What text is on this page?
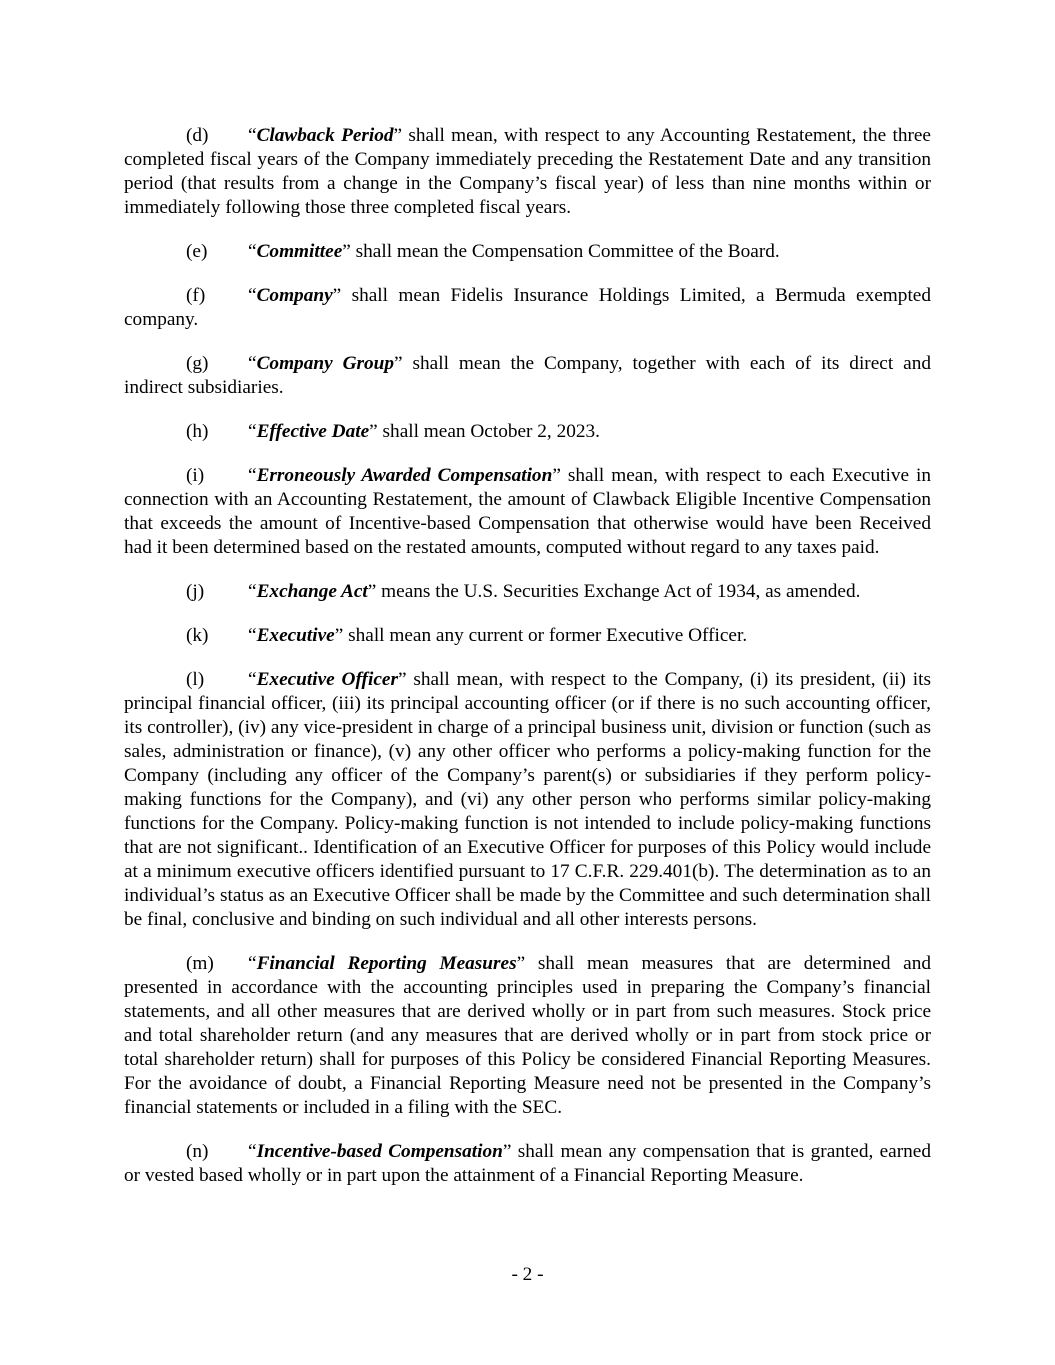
(d) “Clawback Period” shall mean, with respect to any Accounting Restatement, the three completed fiscal years of the Company immediately preceding the Restatement Date and any transition period (that results from a change in the Company’s fiscal year) of less than nine months within or immediately following those three completed fiscal years.

(e) “Committee” shall mean the Compensation Committee of the Board.

(f) “Company” shall mean Fidelis Insurance Holdings Limited, a Bermuda exempted company.

(g) “Company Group” shall mean the Company, together with each of its direct and indirect subsidiaries.

(h) “Effective Date” shall mean October 2, 2023.

(i) “Erroneously Awarded Compensation” shall mean, with respect to each Executive in connection with an Accounting Restatement, the amount of Clawback Eligible Incentive Compensation that exceeds the amount of Incentive-based Compensation that otherwise would have been Received had it been determined based on the restated amounts, computed without regard to any taxes paid.

(j) “Exchange Act” means the U.S. Securities Exchange Act of 1934, as amended.

(k) “Executive” shall mean any current or former Executive Officer.

(l) “Executive Officer” shall mean, with respect to the Company, (i) its president, (ii) its principal financial officer, (iii) its principal accounting officer (or if there is no such accounting officer, its controller), (iv) any vice-president in charge of a principal business unit, division or function (such as sales, administration or finance), (v) any other officer who performs a policy-making function for the Company (including any officer of the Company’s parent(s) or subsidiaries if they perform policy-making functions for the Company), and (vi) any other person who performs similar policy-making functions for the Company. Policy-making function is not intended to include policy-making functions that are not significant.. Identification of an Executive Officer for purposes of this Policy would include at a minimum executive officers identified pursuant to 17 C.F.R. 229.401(b). The determination as to an individual’s status as an Executive Officer shall be made by the Committee and such determination shall be final, conclusive and binding on such individual and all other interests persons.

(m) “Financial Reporting Measures” shall mean measures that are determined and presented in accordance with the accounting principles used in preparing the Company’s financial statements, and all other measures that are derived wholly or in part from such measures. Stock price and total shareholder return (and any measures that are derived wholly or in part from stock price or total shareholder return) shall for purposes of this Policy be considered Financial Reporting Measures. For the avoidance of doubt, a Financial Reporting Measure need not be presented in the Company’s financial statements or included in a filing with the SEC.

(n) “Incentive-based Compensation” shall mean any compensation that is granted, earned or vested based wholly or in part upon the attainment of a Financial Reporting Measure.

- 2 -
